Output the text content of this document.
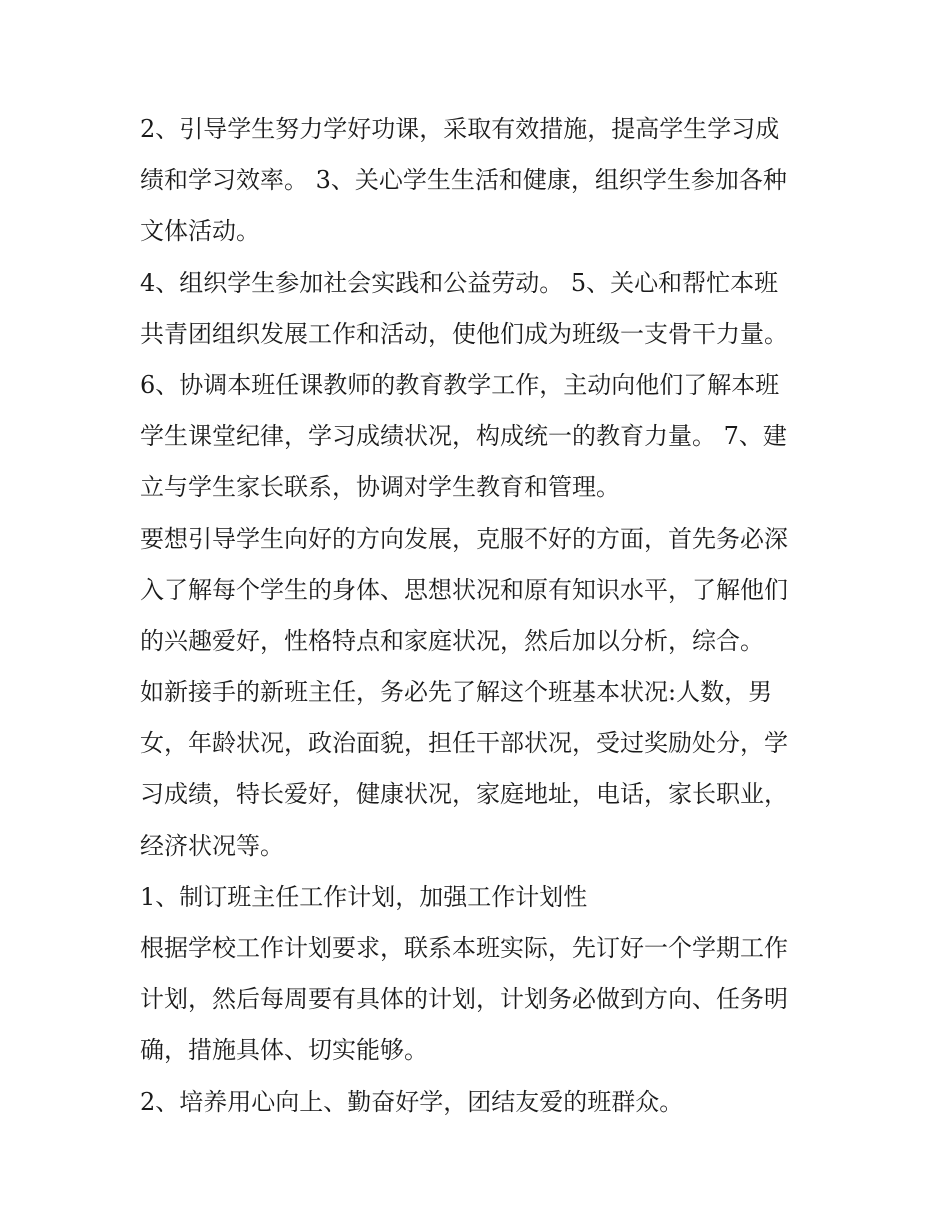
2、引导学生努力学好功课，采取有效措施，提高学生学习成
绩和学习效率。 3、关心学生生活和健康，组织学生参加各种
文体活动。
4、组织学生参加社会实践和公益劳动。 5、关心和帮忙本班
共青团组织发展工作和活动，使他们成为班级一支骨干力量。
6、协调本班任课教师的教育教学工作，主动向他们了解本班
学生课堂纪律，学习成绩状况，构成统一的教育力量。 7、建
立与学生家长联系，协调对学生教育和管理。
要想引导学生向好的方向发展，克服不好的方面，首先务必深
入了解每个学生的身体、思想状况和原有知识水平，了解他们
的兴趣爱好，性格特点和家庭状况，然后加以分析，综合。
如新接手的新班主任，务必先了解这个班基本状况:人数，男
女，年龄状况，政治面貌，担任干部状况，受过奖励处分，学
习成绩，特长爱好，健康状况，家庭地址，电话，家长职业，
经济状况等。
1、制订班主任工作计划，加强工作计划性
根据学校工作计划要求，联系本班实际，先订好一个学期工作
计划，然后每周要有具体的计划，计划务必做到方向、任务明
确，措施具体、切实能够。
2、培养用心向上、勤奋好学，团结友爱的班群众。
